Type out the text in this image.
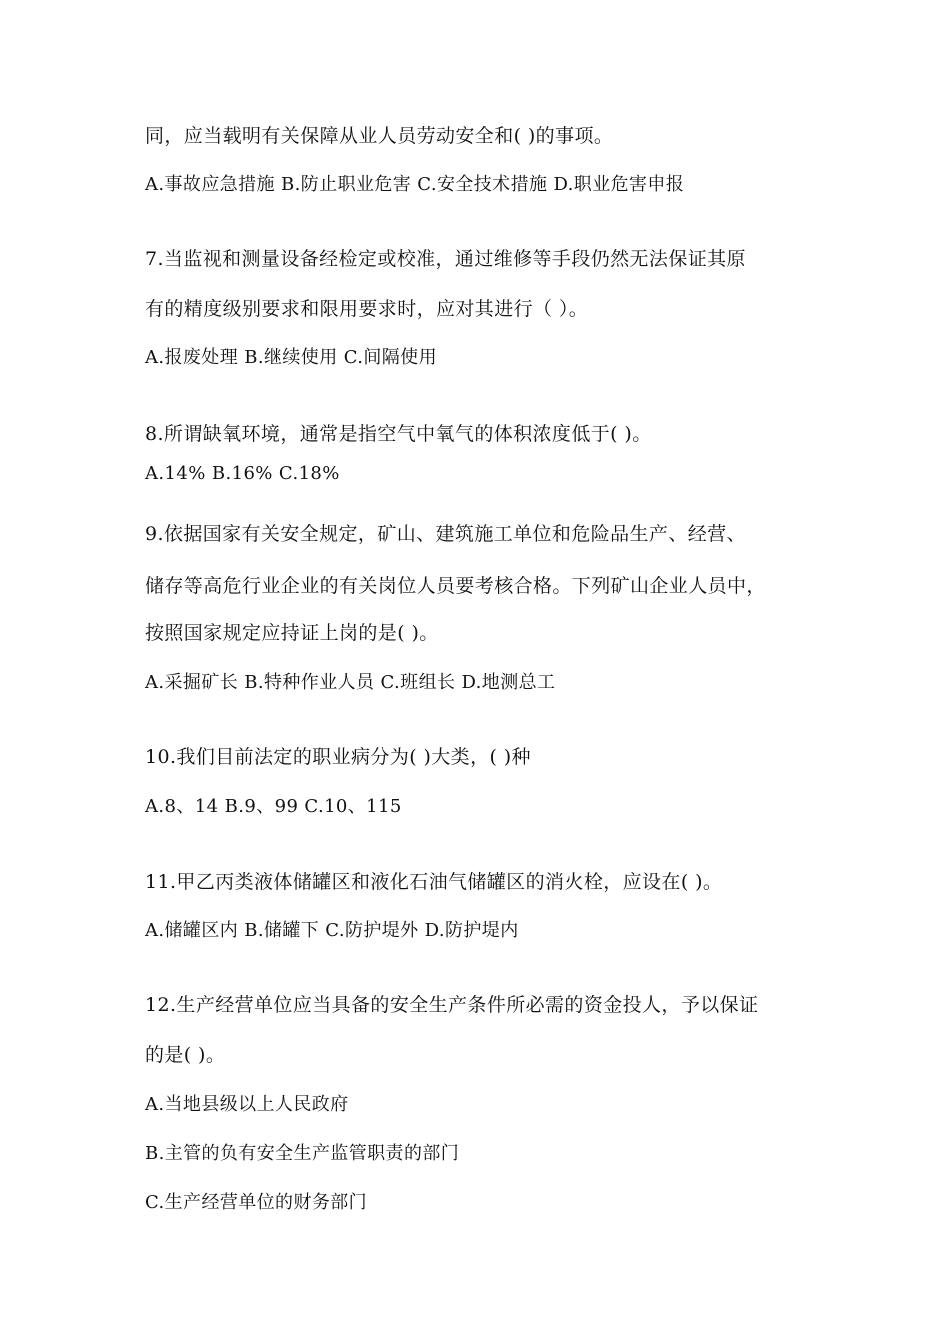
同，应当载明有关保障从业人员劳动安全和( )的事项。
A.事故应急措施 B.防止职业危害 C.安全技术措施 D.职业危害申报
7.当监视和测量设备经检定或校准，通过维修等手段仍然无法保证其原
有的精度级别要求和限用要求时，应对其进行（ ）。
A.报废处理 B.继续使用 C.间隔使用
8.所谓缺氧环境，通常是指空气中氧气的体积浓度低于( )。
A.14% B.16% C.18%
9.依据国家有关安全规定，矿山、建筑施工单位和危险品生产、经营、
储存等高危行业企业的有关岗位人员要考核合格。下列矿山企业人员中，
按照国家规定应持证上岗的是( )。
A.采掘矿长 B.特种作业人员 C.班组长 D.地测总工
10.我们目前法定的职业病分为( )大类，( )种
A.8、14 B.9、99 C.10、115
11.甲乙丙类液体储罐区和液化石油气储罐区的消火栓，应设在( )。
A.储罐区内 B.储罐下 C.防护堤外 D.防护堤内
12.生产经营单位应当具备的安全生产条件所必需的资金投人，予以保证
的是( )。
A.当地县级以上人民政府
B.主管的负有安全生产监管职责的部门
C.生产经营单位的财务部门
